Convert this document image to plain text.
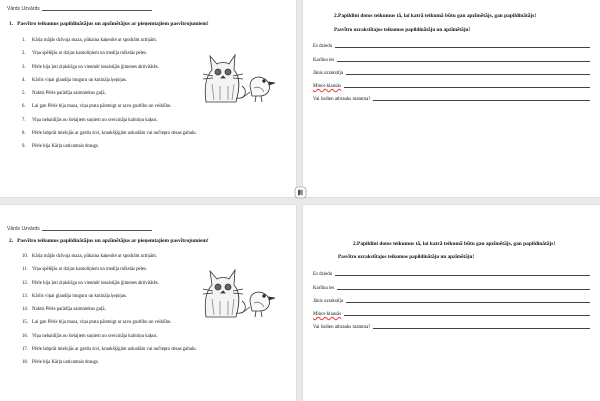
Vārds Uzvārds
1.   Pasvītro teikumus papildinātājus un apzīmētājus ar pieņemtajiem pasvītrojumiem!
1.	Kārļa mājās dzīvoja maza, pūkaina kaķenīte ar spodrām actiņām.
2.	Viņa spēlējās ar dzijas kamoliņiem un medīja mīkstās peles.
3.	Pērle bija ļoti ziņkārīga un vienmēr iesaistījās ģimenes aktivitātēs.
4.	Kārlis viņai glaudīja muguru un kutināja ķepiņas.
5.	Naktis Pērle parādīja saimniekus guļā.
6.	Lai gan Pērle bija maza, viņa prata pārsteigt ar savu gudrību un veiklību.
7.	Viņa nebaidījās no lielajiem suņiem un sveicināja kaimiņu kaķus.
8.	Pērle labprāt mielojās ar gardu zivi, kraukšķīgām uzkodām vai nočiepto desas gabalu.
9.	Pērle bija Kārļa uzticamais draugs.
2.Papildini dotos teikumus tā, lai katrā teikumā būtu gan apzīmētājs, gan papildinātājs!
Pasvītro uzrakstītajos teikumos papildinātāju un apzīmētāju!
Es dziedu
Karlīna ies
Jānis uzrakstīja
Mince klausās
Vai šodien atbrauks mamma?
Vārds Uzvārds
2.   Pasvītro teikumus papildinātājus un apzīmētājus ar pieņemtajiem pasvītrojumiem!
10. Kārļa mājās dzīvoja maza, pūkaina kaķenīte ar spodrām actiņām.
11. Viņa spēlējās ar dzijas kamoliņiem un medīja mīkstās peles.
12. Pērle bija ļoti ziņkārīga un vienmēr iesaistījās ģimenes aktivitātēs.
13. Kārlis viņai glaudīja muguru un kutināja ķepiņas.
14. Naktis Pērle parādīja saimniekus guļā.
15. Lai gan Pērle bija maza, viņa prata pārsteigt ar savu gudrību un veiklību.
16. Viņa nebaidījās no lielajiem suņiem un sveicināja kaimiņu kaķus.
17. Pērle labprāt mielojās ar gardu zivi, kraukšķīgām uzkodām vai nočiepto desas gabalu.
18. Pērle bija Kārļa uzticamais draugs.
2.Papildini dotos teikumus tā, lai katrā teikumā būtu gan apzīmētājs, gan papildinātājs!
Pasvītro uzrakstītajos teikumos papildinātāju un apzīmētāju!
Es dziedu
Karlīna ies
Jānis uzrakstīja
Mince klausās
Vai šodien atbrauks mamma?
